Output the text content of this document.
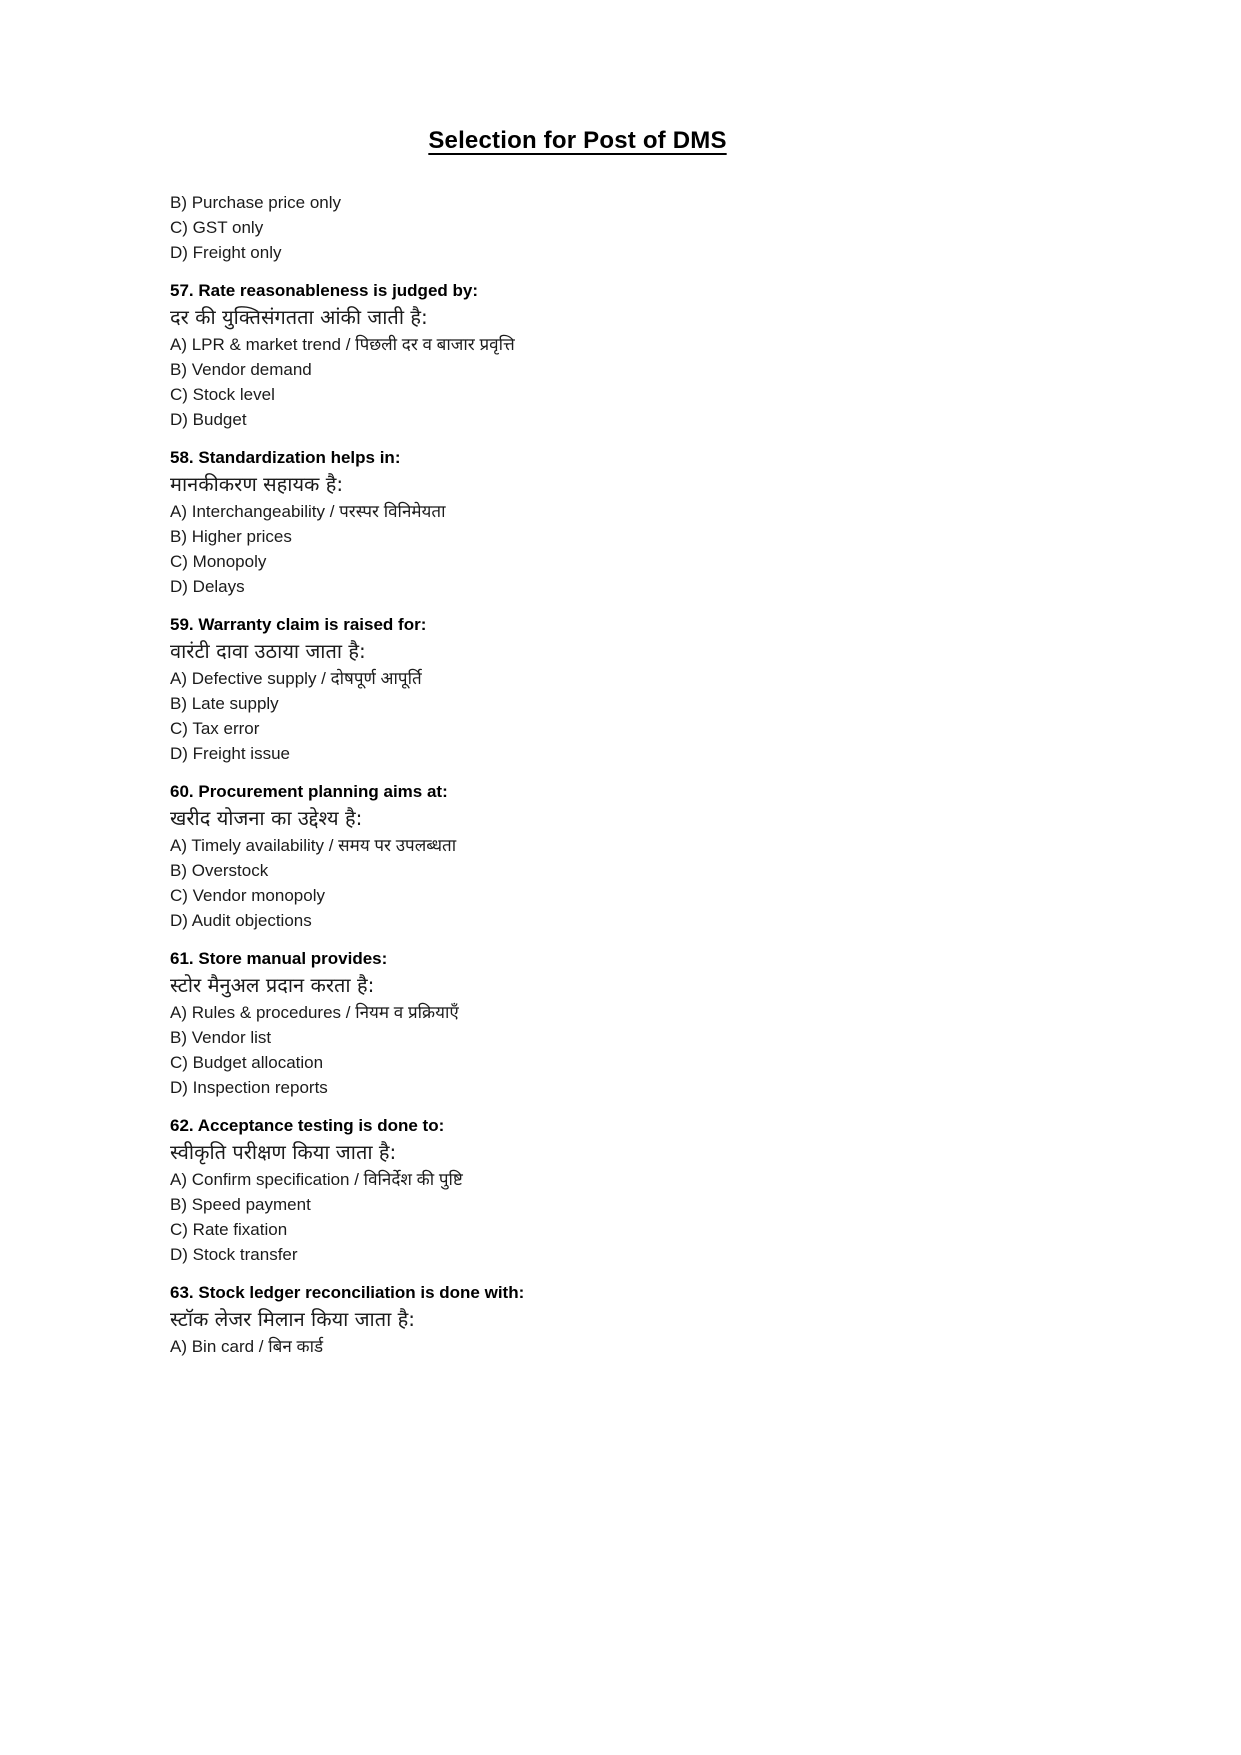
Selection for Post of DMS
B) Purchase price only
C) GST only
D) Freight only
57. Rate reasonableness is judged by:
दर की युक्तिसंगतता आंकी जाती है:
A) LPR & market trend / पिछली दर व बाजार प्रवृत्ति
B) Vendor demand
C) Stock level
D) Budget
58. Standardization helps in:
मानकीकरण सहायक है:
A) Interchangeability / परस्पर विनिमेयता
B) Higher prices
C) Monopoly
D) Delays
59. Warranty claim is raised for:
वारंटी दावा उठाया जाता है:
A) Defective supply / दोषपूर्ण आपूर्ति
B) Late supply
C) Tax error
D) Freight issue
60. Procurement planning aims at:
खरीद योजना का उद्देश्य है:
A) Timely availability / समय पर उपलब्धता
B) Overstock
C) Vendor monopoly
D) Audit objections
61. Store manual provides:
स्टोर मैनुअल प्रदान करता है:
A) Rules & procedures / नियम व प्रक्रियाएँ
B) Vendor list
C) Budget allocation
D) Inspection reports
62. Acceptance testing is done to:
स्वीकृति परीक्षण किया जाता है:
A) Confirm specification / विनिर्देश की पुष्टि
B) Speed payment
C) Rate fixation
D) Stock transfer
63. Stock ledger reconciliation is done with:
स्टॉक लेजर मिलान किया जाता है:
A) Bin card / बिन कार्ड
